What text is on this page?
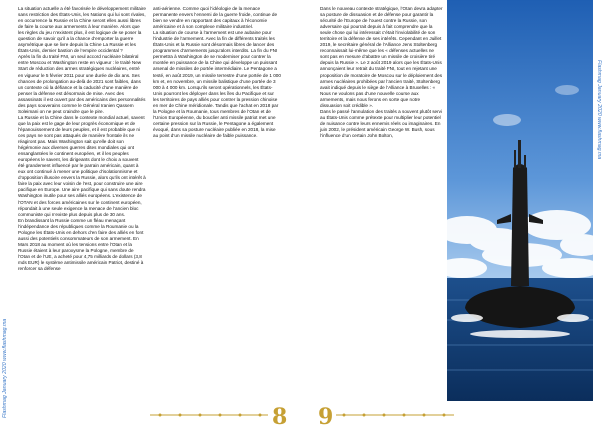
Flashmag January 2020 www.flashmag.ma

La situation actuelle a été favorisée le développement militaire sans restriction des États-Unis, les Nations qui lui sont rivales, en occurrence la Russie et la Chine seront elles aussi libres de faire la course aux armements à leur manière. Alors que les règles du jeu n’existent plus, il est logique de se poser la question de savoir qu’il a la chance d’emporter la guerre asymétrique que se livre depuis la Chine La Russie et les États-Unis, dernier bastion de l’empire occidental ?

Après la fin du traité FNI, un seul accord nucléaire bilatéral entre Moscou et Washington reste en vigueur : le traité New Start de réduction des armes stratégiques nucléaires, entré en vigueur le 5 février 2011 pour une durée de dix ans. Ses chances de prolongation au-delà de 2021 sont faibles, dans un contexte où la défiance et la caducité d’une manière de penser la défense est désormais de mise. Avec des assassinats il est ouvert par des américains des personnalités des pays souverains comme le Général Iranien Qassem Soleimani on ne peut craindre que le pire.

La Russie et la Chine dans le contexte mondial actuel, savent que la paix est le gage de leur progrès économique et de l’épanouissement de leurs peuples, et il est probable que ni ces pays ne sont pas attaqués de manière frontale ils ne réagiront pas. Mais Washington sait qu’elle doit son hégémonie aux diverses guerres dites mondiales qui ont ensanglantées le continent européen, et il les peuples européens le savent, les dirigeants dont le choix a souvent été grandement influencé par le parrain américain, quant à eux ont continué à mener une politique d’isolationnisme et d’opposition illusoire envers la Russie, alors qu’ils ont intérêt à faire la paix avec leur voisin de l’est, pour construire une aire pacifique en Europe. Une aire pacifique qui sans doute rendra Washington inutile pour ses alliés européens. L’existence de l’OTAN et des forces américaines sur le continent européen, répondait à une seule exigence la menace de l’ancien bloc communiste qui n’existe plus depuis plus de 30 ans.

En brandissant la Russie comme un fléau menaçant l’indépendance des républiques comme la Roumanie ou la Pologne les États-Unis en dehors d’en faire des alliés en font aussi des potentiels consommateurs de son armement. En Mars 2018 au moment où les tensions entre l’Otan et la Russie étaient à leur paroxysme la Pologne, membre de l’Otan et de l’UE, a acheté pour 4,75 milliards de dollars (3,8 mds EUR) le système antimissile américain Patriot, destiné à renforcer sa défense

anti-aérienne. Comme quoi l’idéologie de la menace permanente envers l’ennemi de la guerre froide, continue de bien se vendre en rapportant des capitaux à l’économie américaine et à son complexe militaire industriel.

La situation de course à l’armement est une aubaine pour l’industrie de l’armement. Avec la fin de différents traités les États-Unis et la Russie sont désormais libres de lancer des programmes d’armements jusqu’alors interdits. La fin du FNI permettra à Washington de se moderniser pour contrer la montée en puissance de la Chine qui développe un puissant arsenal de missiles de portée intermédiaire. Le Pentagone a testé, en août 2019, un missile terrestre d’une portée de 1 000 km et, en novembre, un missile balistique d’une portée de 3 000 à 4 000 km. Lorsqu’ils seront opérationnels, les États-Unis pourront les déployer dans les îles du Pacifique et sur les territoires de pays alliés pour contrer la pression chinoise en mer de Chine méridionale. Tandis que l’achat en 2018 par la Pologne et la Roumanie, tous membres de l’Otan et de l’Union Européenne, du bouclier anti missile patriot met une certaine pression sur la Russie, le Pentagone a également évoqué, dans sa posture nucléaire publiée en 2018, la mise au point d’un missile nucléaire de faible puissance.

Dans le nouveau contexte stratégique, l’Otan devra adapter sa posture de dissuasion et de défense pour garantir la sécurité de l’Europe de l’ouest contre la Russie, son adversaire qui pourrait depuis à fait comprendre que la seule chose qui lui intéressait c’était l’inviolabilité de son territoire et la défense de ses intérêts. Cependant en Juillet 2019, le secrétaire général de l’Alliance Jens Stoltenberg reconnaissait lui-même que les « défenses actuelles ne sont pas en mesure d’abattre un missile de croisière tiré depuis la Russie ». Le 2 août 2019 alors que les États-Unis annonçaient leur retrait du traité FNI, tout en rejetant une proposition de moratoire de Moscou sur le déploiement des armes nucléaires prohibées par l’ancien traité, Stoltenberg avait indiqué depuis le siège de l’Alliance à Bruxelles : « Nous ne voulons pas d’une nouvelle course aux armements, mais nous ferons en sorte que notre dissuasion soit crédible ».

Dans le passé l’annulation des traités a souvent plutôt servi au États-Unis comme prétexte pour multiplier leur potentiel de nuisance contre leurs ennemis réels ou imaginaires. En juin 2002, le président américain George W. Bush, sous l’influence d’un certain John Bolton,	Flashmag January 2020 www.flashmag.ma
8 9
